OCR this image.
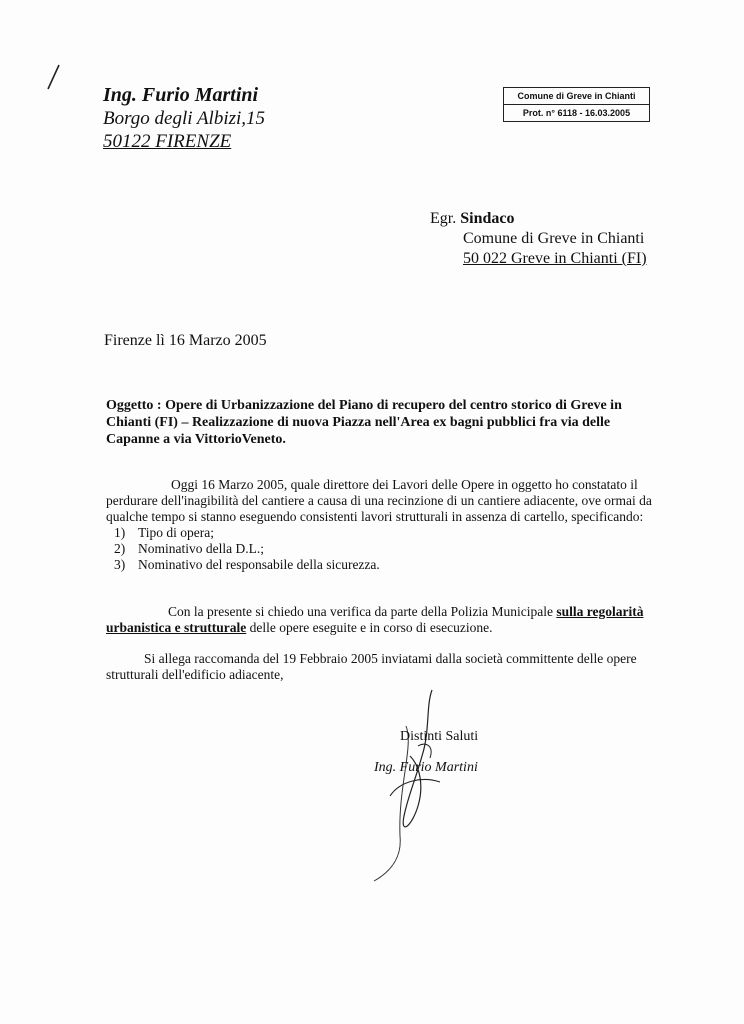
Ing. Furio Martini
Borgo degli Albizi,15
50122 FIRENZE
Comune di Greve in Chianti
Prot. n° 6118 - 16.03.2005
Egr. Sindaco
Comune di Greve in Chianti
50 022 Greve in Chianti (FI)
Firenze lì 16 Marzo 2005
Oggetto : Opere di Urbanizzazione del Piano di recupero del centro storico di Greve in Chianti (FI) – Realizzazione di nuova Piazza nell'Area ex bagni pubblici fra via delle Capanne a via VittorioVeneto.
Oggi 16 Marzo 2005, quale direttore dei Lavori delle Opere in oggetto ho constatato il perdurare dell'inagibilità del cantiere a causa di una recinzione di un cantiere adiacente, ove ormai da qualche tempo si stanno eseguendo consistenti lavori strutturali in assenza di cartello, specificando:
1) Tipo di opera;
2) Nominativo della D.L.;
3) Nominativo del responsabile della sicurezza.
Con la presente si chiedo una verifica da parte della Polizia Municipale sulla regolarità urbanistica e strutturale delle opere eseguite e in corso di esecuzione.
Si allega raccomanda del 19 Febbraio 2005 inviatami dalla società committente delle opere strutturali dell'edificio adiacente,
Distinti Saluti
Ing. Furio Martini
